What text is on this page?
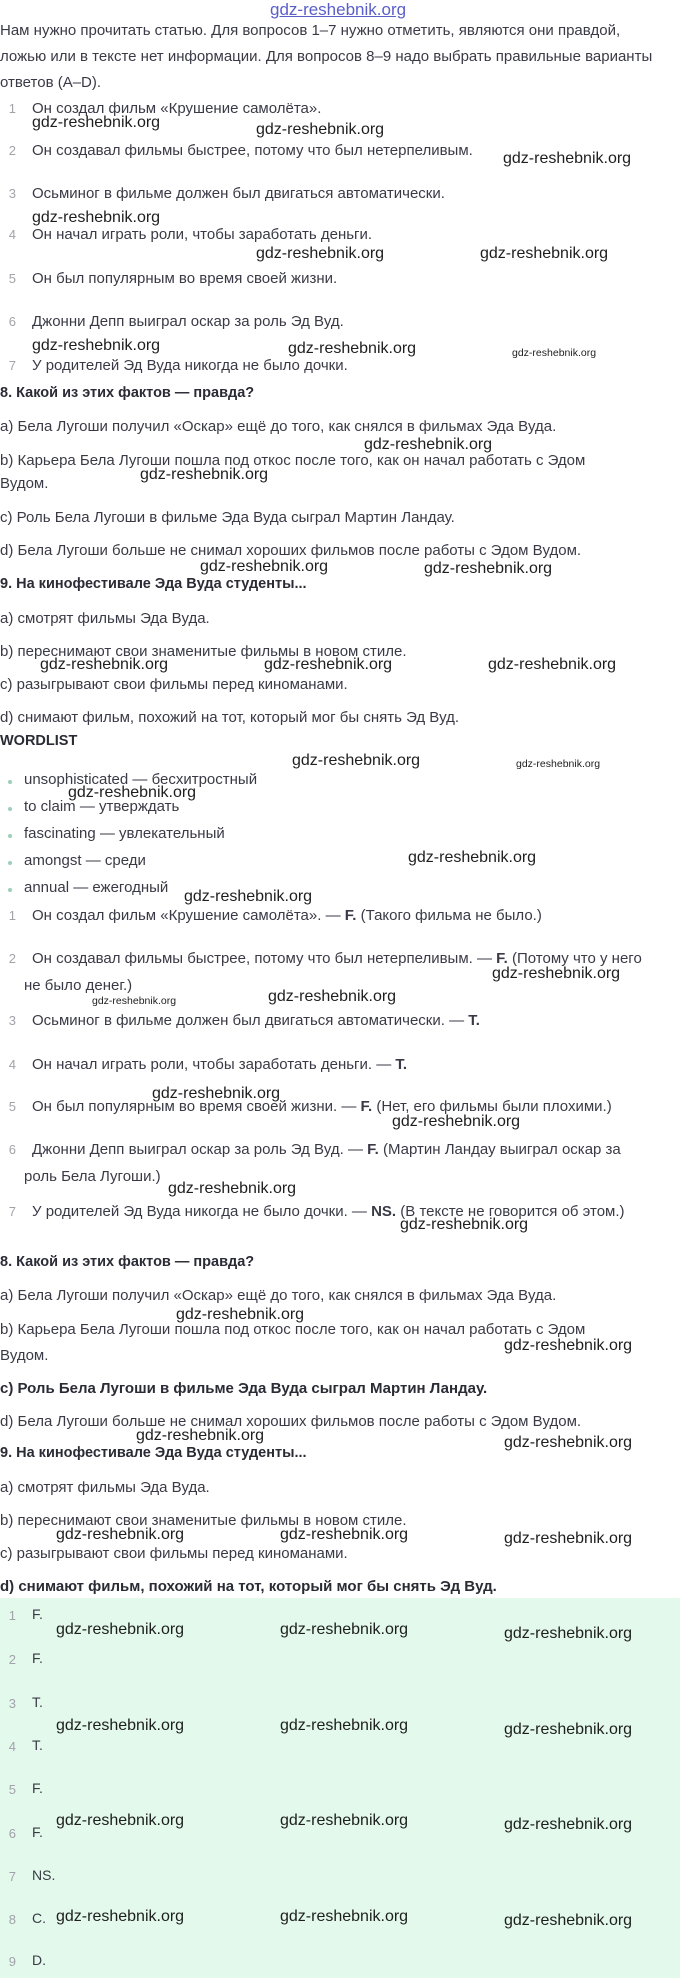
gdz-reshebnik.org
Нам нужно прочитать статью. Для вопросов 1–7 нужно отметить, являются они правдой, ложью или в тексте нет информации. Для вопросов 8–9 надо выбрать правильные варианты ответов (A–D).
1 Он создал фильм «Крушение самолёта».
2 Он создавал фильмы быстрее, потому что был нетерпеливым.
3 Осьминог в фильме должен был двигаться автоматически.
4 Он начал играть роли, чтобы заработать деньги.
5 Он был популярным во время своей жизни.
6 Джонни Депп выиграл оскар за роль Эд Вуд.
7 У родителей Эд Вуда никогда не было дочки.
8. Какой из этих фактов — правда?
a) Бела Лугоши получил «Оскар» ещё до того, как снялся в фильмах Эда Вуда.
b) Карьера Бела Лугоши пошла под откос после того, как он начал работать с Эдом
Вудом.
c) Роль Бела Лугоши в фильме Эда Вуда сыграл Мартин Ландау.
d) Бела Лугоши больше не снимал хороших фильмов после работы с Эдом Вудом.
9. На кинофестивале Эда Вуда студенты...
a) смотрят фильмы Эда Вуда.
b) переснимают свои знаменитые фильмы в новом стиле.
c) разыгрывают свои фильмы перед киноманами.
d) снимают фильм, похожий на тот, который мог бы снять Эд Вуд.
WORDLIST
unsophisticated — бесхитростный
to claim — утверждать
fascinating — увлекательный
amongst — среди
annual — ежегодный
1 Он создал фильм «Крушение самолёта». — F. (Такого фильма не было.)
2 Он создавал фильмы быстрее, потому что был нетерпеливым. — F. (Потому что у него
не было денег.)
3 Осьминог в фильме должен был двигаться автоматически. — T.
4 Он начал играть роли, чтобы заработать деньги. — T.
5 Он был популярным во время своей жизни. — F. (Нет, его фильмы были плохими.)
6 Джонни Депп выиграл оскар за роль Эд Вуд. — F. (Мартин Ландау выиграл оскар за
роль Бела Лугоши.)
7 У родителей Эд Вуда никогда не было дочки. — NS. (В тексте не говорится об этом.)
8. Какой из этих фактов — правда?
a) Бела Лугоши получил «Оскар» ещё до того, как снялся в фильмах Эда Вуда.
b) Карьера Бела Лугоши пошла под откос после того, как он начал работать с Эдом
Вудом.
c) Роль Бела Лугоши в фильме Эда Вуда сыграл Мартин Ландау.
d) Бела Лугоши больше не снимал хороших фильмов после работы с Эдом Вудом.
9. На кинофестивале Эда Вуда студенты...
a) смотрят фильмы Эда Вуда.
b) переснимают свои знаменитые фильмы в новом стиле.
c) разыгрывают свои фильмы перед киноманами.
d) снимают фильм, похожий на тот, который мог бы снять Эд Вуд.
1 F.
2 F.
3 T.
4 T.
5 F.
6 F.
7 NS.
8 C.
9 D.
gdz-reshebnik.org	gdz-reshebnik.org
gdz-reshebnik.org
gdz-reshebnik.org
gdz-reshebnik.org	gdz-reshebnik.org
gdz-reshebnik.org	gdz-reshebnik.org	gdz-reshebnik.org
gdz-reshebnik.org
gdz-reshebnik.org
gdz-reshebnik.org	gdz-reshebnik.org
gdz-reshebnik.org	gdz-reshebnik.org	gdz-reshebnik.org
gdz-reshebnik.org	gdz-reshebnik.org
gdz-reshebnik.org
gdz-reshebnik.org
gdz-reshebnik.org
gdz-reshebnik.org
gdz-reshebnik.org	gdz-reshebnik.org
gdz-reshebnik.org
gdz-reshebnik.org
gdz-reshebnik.org
gdz-reshebnik.org
gdz-reshebnik.org
gdz-reshebnik.org
gdz-reshebnik.org	gdz-reshebnik.org
gdz-reshebnik.org	gdz-reshebnik.org	gdz-reshebnik.org
gdz-reshebnik.org	gdz-reshebnik.org	gdz-reshebnik.org
gdz-reshebnik.org	gdz-reshebnik.org	gdz-reshebnik.org
gdz-reshebnik.org	gdz-reshebnik.org	gdz-reshebnik.org
gdz-reshebnik.org	gdz-reshebnik.org	gdz-reshebnik.org
